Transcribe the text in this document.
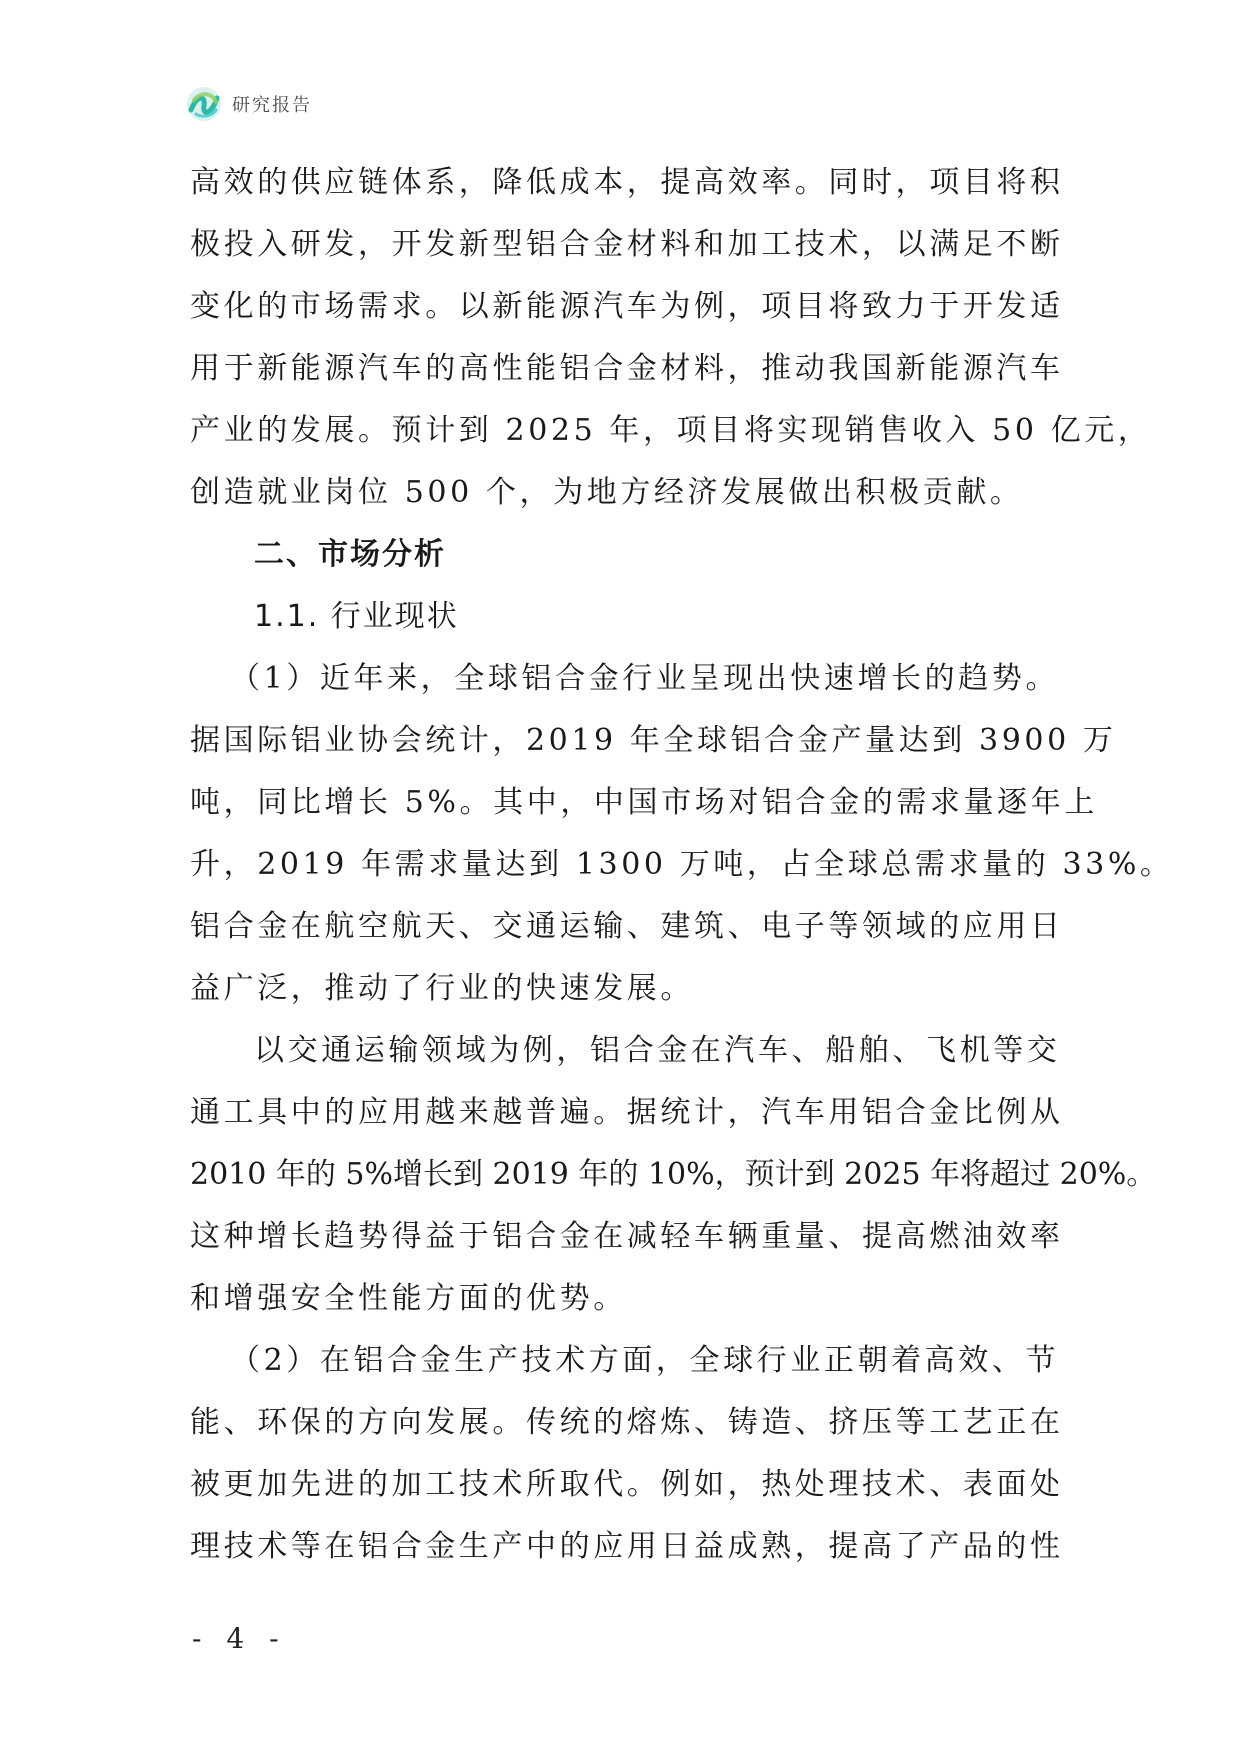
研究报告
高效的供应链体系，降低成本，提高效率。同时，项目将积
极投入研发，开发新型铝合金材料和加工技术，以满足不断
变化的市场需求。以新能源汽车为例，项目将致力于开发适
用于新能源汽车的高性能铝合金材料，推动我国新能源汽车
产业的发展。预计到 2025 年，项目将实现销售收入 50 亿元，
创造就业岗位 500 个，为地方经济发展做出积极贡献。
二、市场分析
1.1. 行业现状
（1）近年来，全球铝合金行业呈现出快速增长的趋势。
据国际铝业协会统计，2019 年全球铝合金产量达到 3900 万
吨，同比增长 5%。其中，中国市场对铝合金的需求量逐年上
升，2019 年需求量达到 1300 万吨，占全球总需求量的 33%。
铝合金在航空航天、交通运输、建筑、电子等领域的应用日
益广泛，推动了行业的快速发展。
以交通运输领域为例，铝合金在汽车、船舶、飞机等交
通工具中的应用越来越普遍。据统计，汽车用铝合金比例从
2010 年的 5%增长到 2019 年的 10%，预计到 2025 年将超过 20%。
这种增长趋势得益于铝合金在减轻车辆重量、提高燃油效率
和增强安全性能方面的优势。
（2）在铝合金生产技术方面，全球行业正朝着高效、节
能、环保的方向发展。传统的熔炼、铸造、挤压等工艺正在
被更加先进的加工技术所取代。例如，热处理技术、表面处
理技术等在铝合金生产中的应用日益成熟，提高了产品的性
- 4 -
